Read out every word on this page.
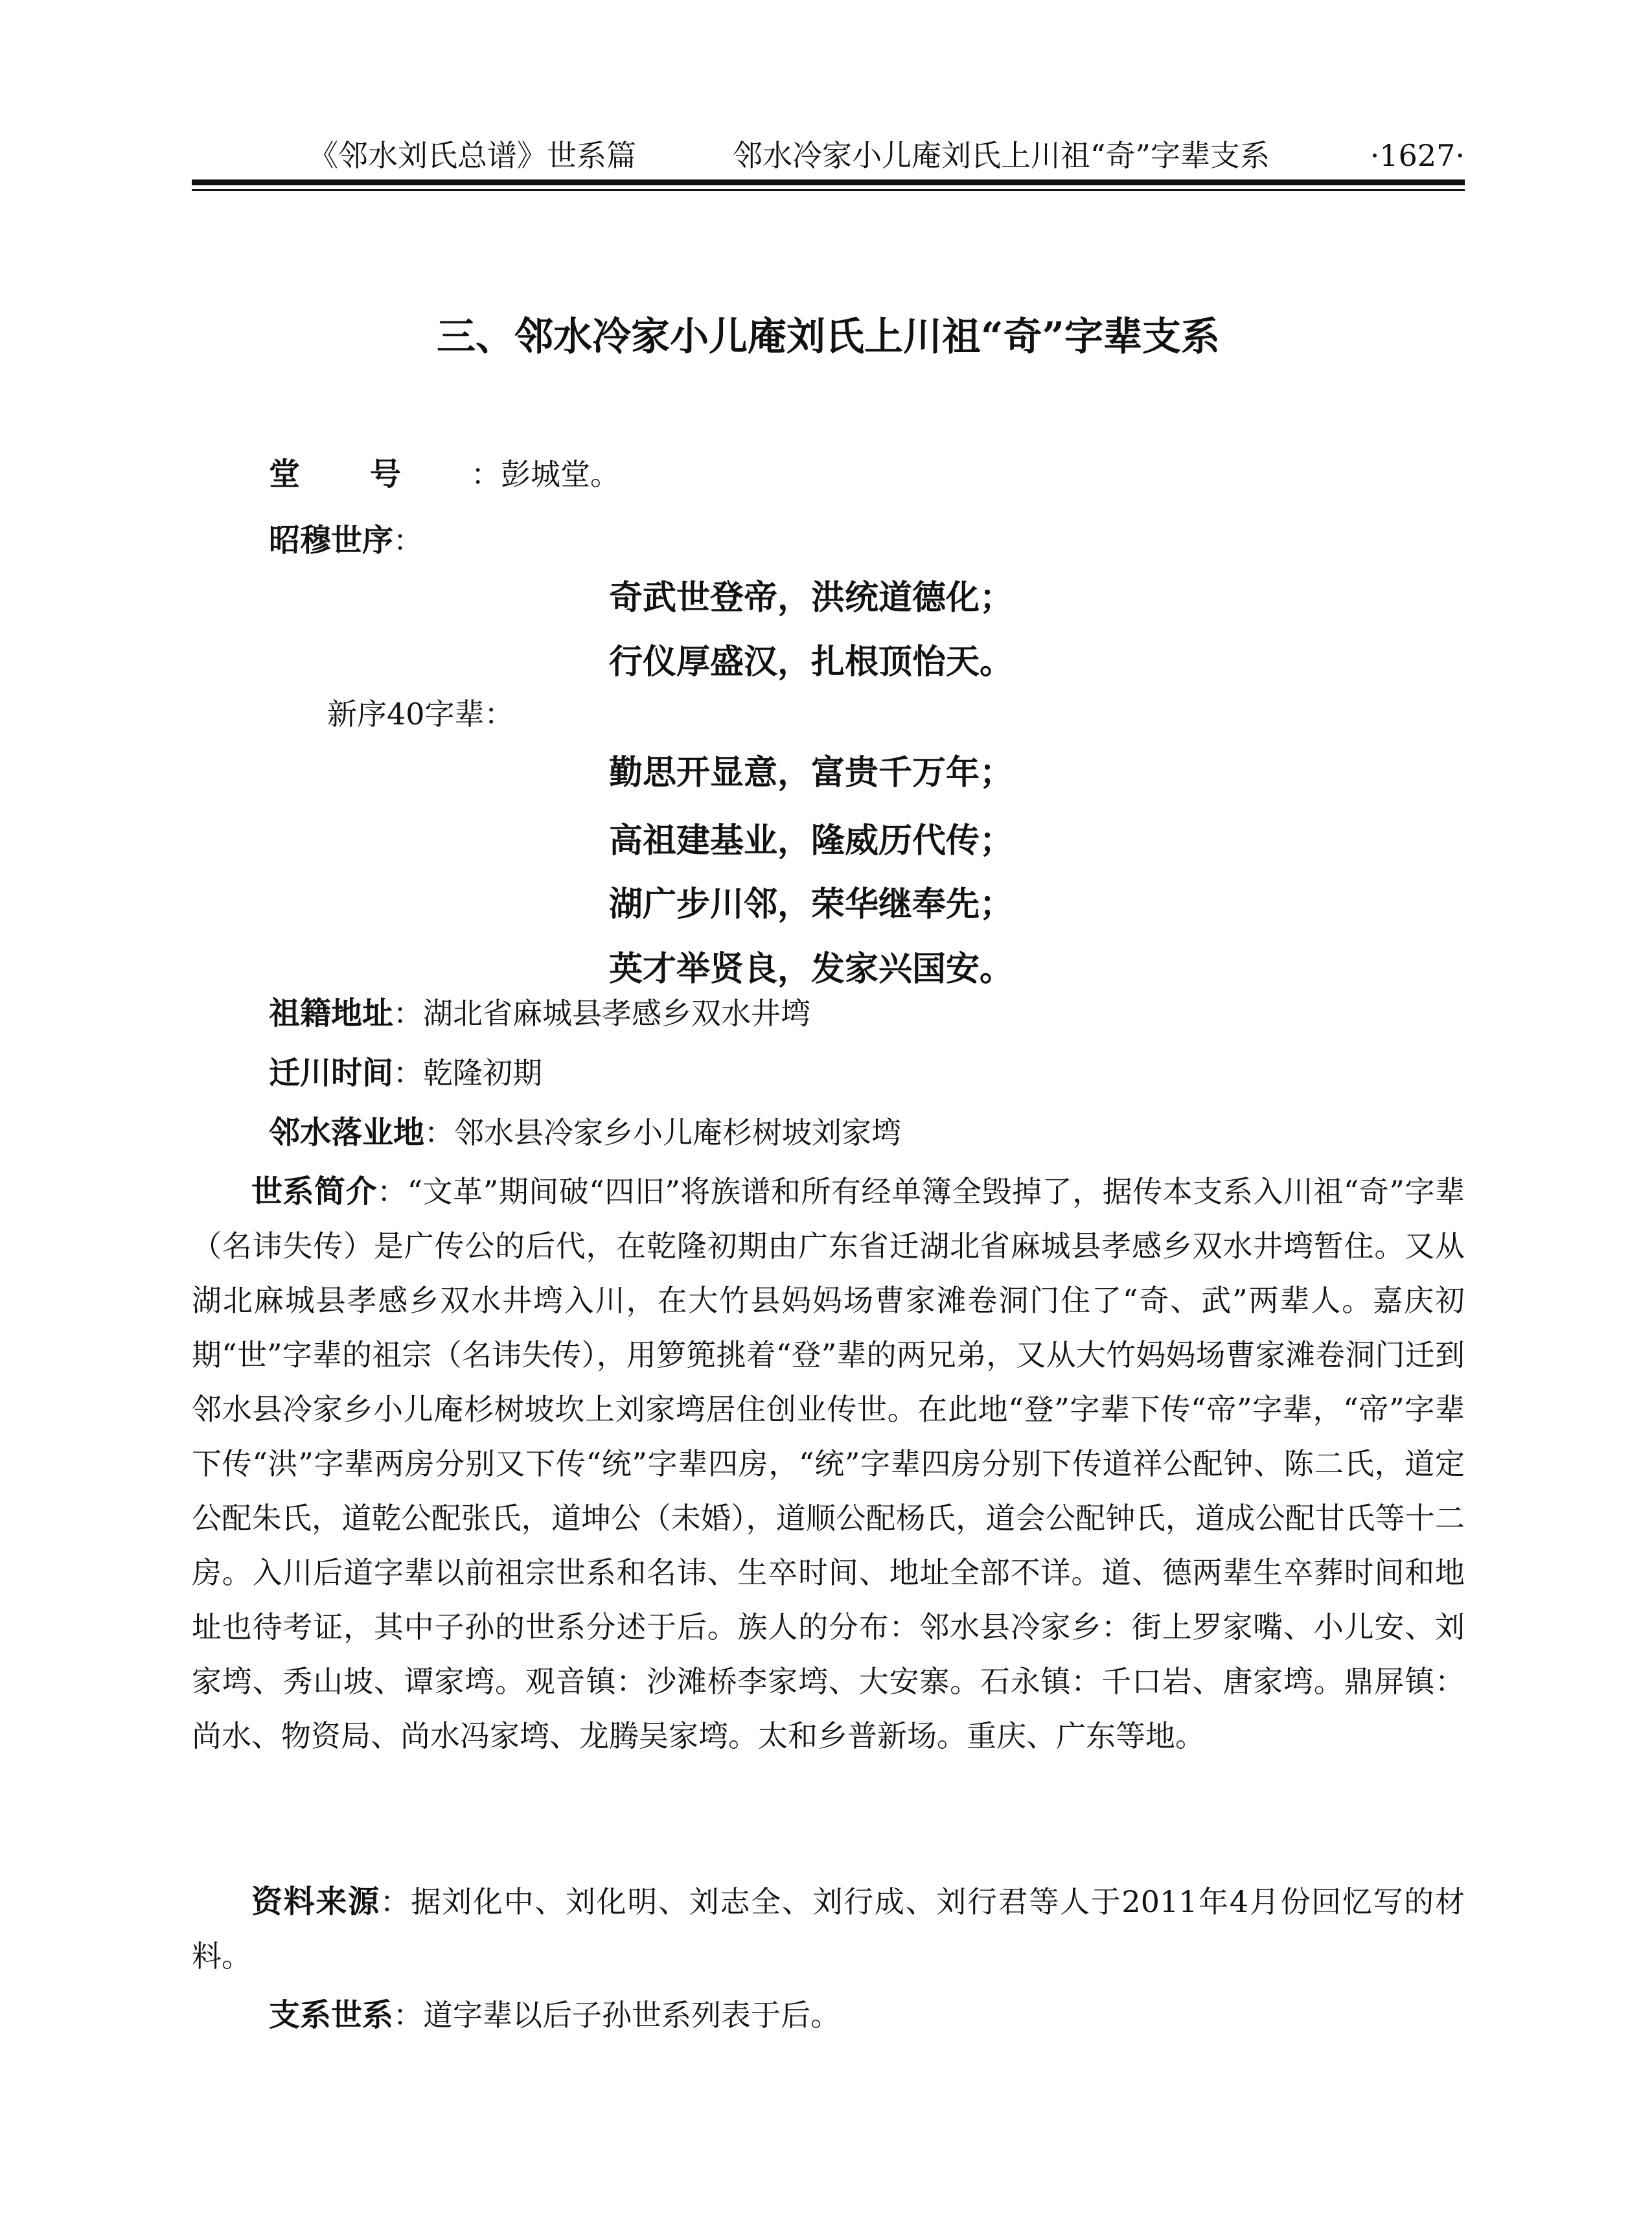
《邻水刘氏总谱》世系篇	邻水冷家小儿庵刘氏上川祖“奇”字辈支系	·1627·
三、邻水冷家小儿庵刘氏上川祖“奇”字辈支系
堂号：彭城堂。
昭穆世序：
奇武世登帝，洪统道德化；
行仪厚盛汉，扎根顶怡天。
新序40字辈：
勤思开显意，富贵千万年；
高祖建基业，隆威历代传；
湖广步川邻，荣华继奉先；
英才举贤良，发家兴国安。
祖籍地址：湖北省麻城县孝感乡双水井塆
迁川时间：乾隆初期
邻水落业地：邻水县冷家乡小儿庵杉树坡刘家塆
世系简介：“文革”期间破“四旧”将族谱和所有经单簿全毁掉了，据传本支系入川祖“奇”字辈（名讳失传）是广传公的后代，在乾隆初期由广东省迁湖北省麻城县孝感乡双水井塆暂住。又从湖北麻城县孝感乡双水井塆入川，在大竹县妈妈场曹家滩卷洞门住了“奇、武”两辈人。嘉庆初期“世”字辈的祖宗（名讳失传），用箩篼挑着“登”辈的两兄弟，又从大竹妈妈场曹家滩卷洞门迁到邻水县冷家乡小儿庵杉树坡坎上刘家塆居住创业传世。在此地“登”字辈下传“帝”字辈，“帝”字辈下传“洪”字辈两房分别又下传“统”字辈四房，“统”字辈四房分别下传道祥公配钟、陈二氏，道定公配朱氏，道乾公配张氏，道坤公（未婚），道顺公配杨氏，道会公配钟氏，道成公配甘氏等十二房。入川后道字辈以前祖宗世系和名讳、生卒时间、地址全部不详。道、德两辈生卒葬时间和地址也待考证，其中子孙的世系分述于后。族人的分布：邻水县冷家乡：街上罗家嘴、小儿安、刘家塆、秀山坡、谭家塆。观音镇：沙滩桥李家塆、大安寨。石永镇：千口岩、唐家塆。鼎屏镇：尚水、物资局、尚水冯家塆、龙腾吴家塆。太和乡普新场。重庆、广东等地。
资料来源：据刘化中、刘化明、刘志全、刘行成、刘行君等人于2011年4月份回忆写的材料。
支系世系：道字辈以后子孙世系列表于后。
